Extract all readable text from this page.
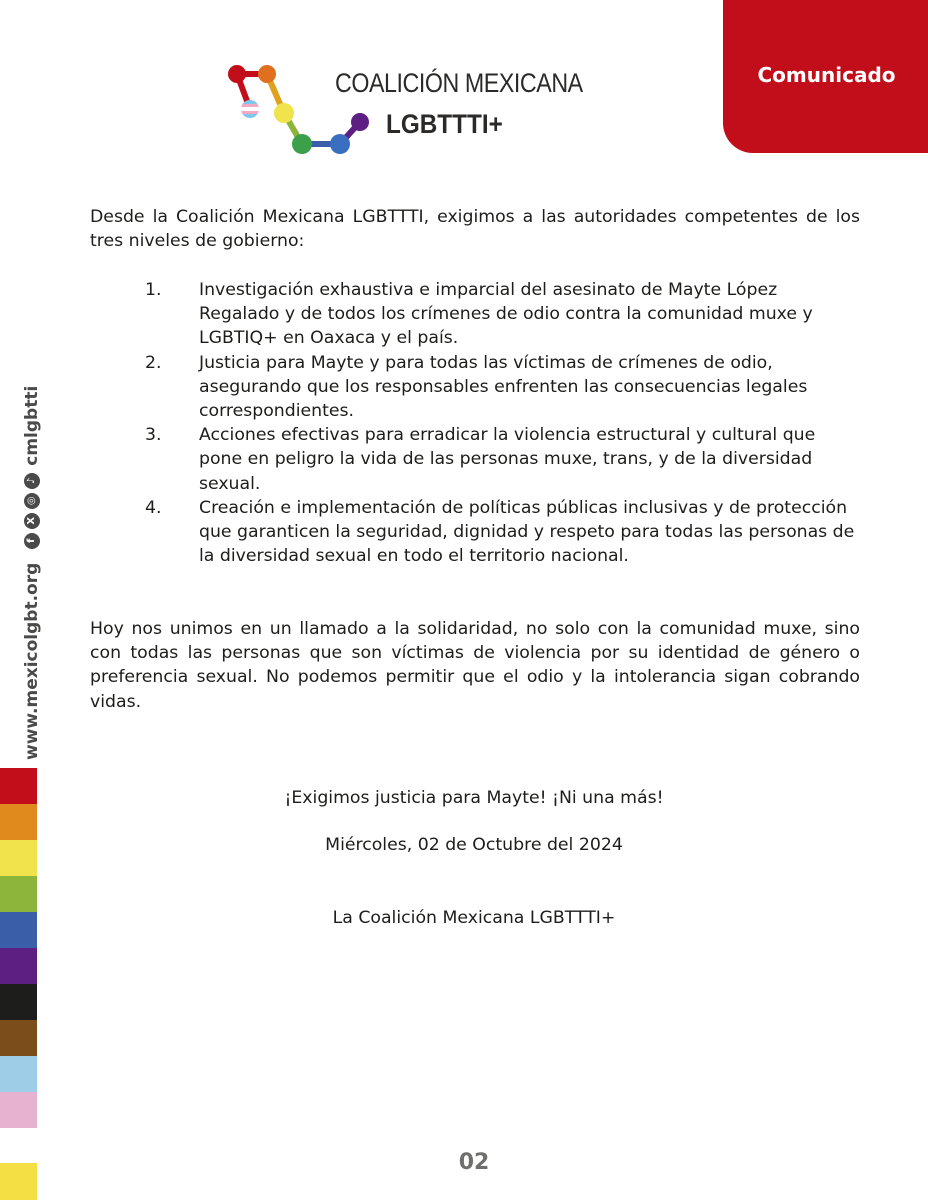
Comunicado
COALICIÓN MEXICANA
LGBTTTI+
www.mexicolgbt.org
f
X
◎
♪
cmlgbtti

Desde la Coalición Mexicana LGBTTTI, exigimos a las autoridades competentes de los tres niveles de gobierno:

1.	Investigación exhaustiva e imparcial del asesinato de Mayte López Regalado y de todos los crímenes de odio contra la comunidad muxe y LGBTIQ+ en Oaxaca y el país.
2.	Justicia para Mayte y para todas las víctimas de crímenes de odio, asegurando que los responsables enfrenten las consecuencias legales correspondientes.
3.	Acciones efectivas para erradicar la violencia estructural y cultural que pone en peligro la vida de las personas muxe, trans, y de la diversidad sexual.
4.	Creación e implementación de políticas públicas inclusivas y de protección que garanticen la seguridad, dignidad y respeto para todas las personas de la diversidad sexual en todo el territorio nacional.

Hoy nos unimos en un llamado a la solidaridad, no solo con la comunidad muxe, sino con todas las personas que son víctimas de violencia por su identidad de género o preferencia sexual. No podemos permitir que el odio y la intolerancia sigan cobrando vidas.

¡Exigimos justicia para Mayte! ¡Ni una más!
Miércoles, 02 de Octubre del 2024
La Coalición Mexicana LGBTTTI+
02
